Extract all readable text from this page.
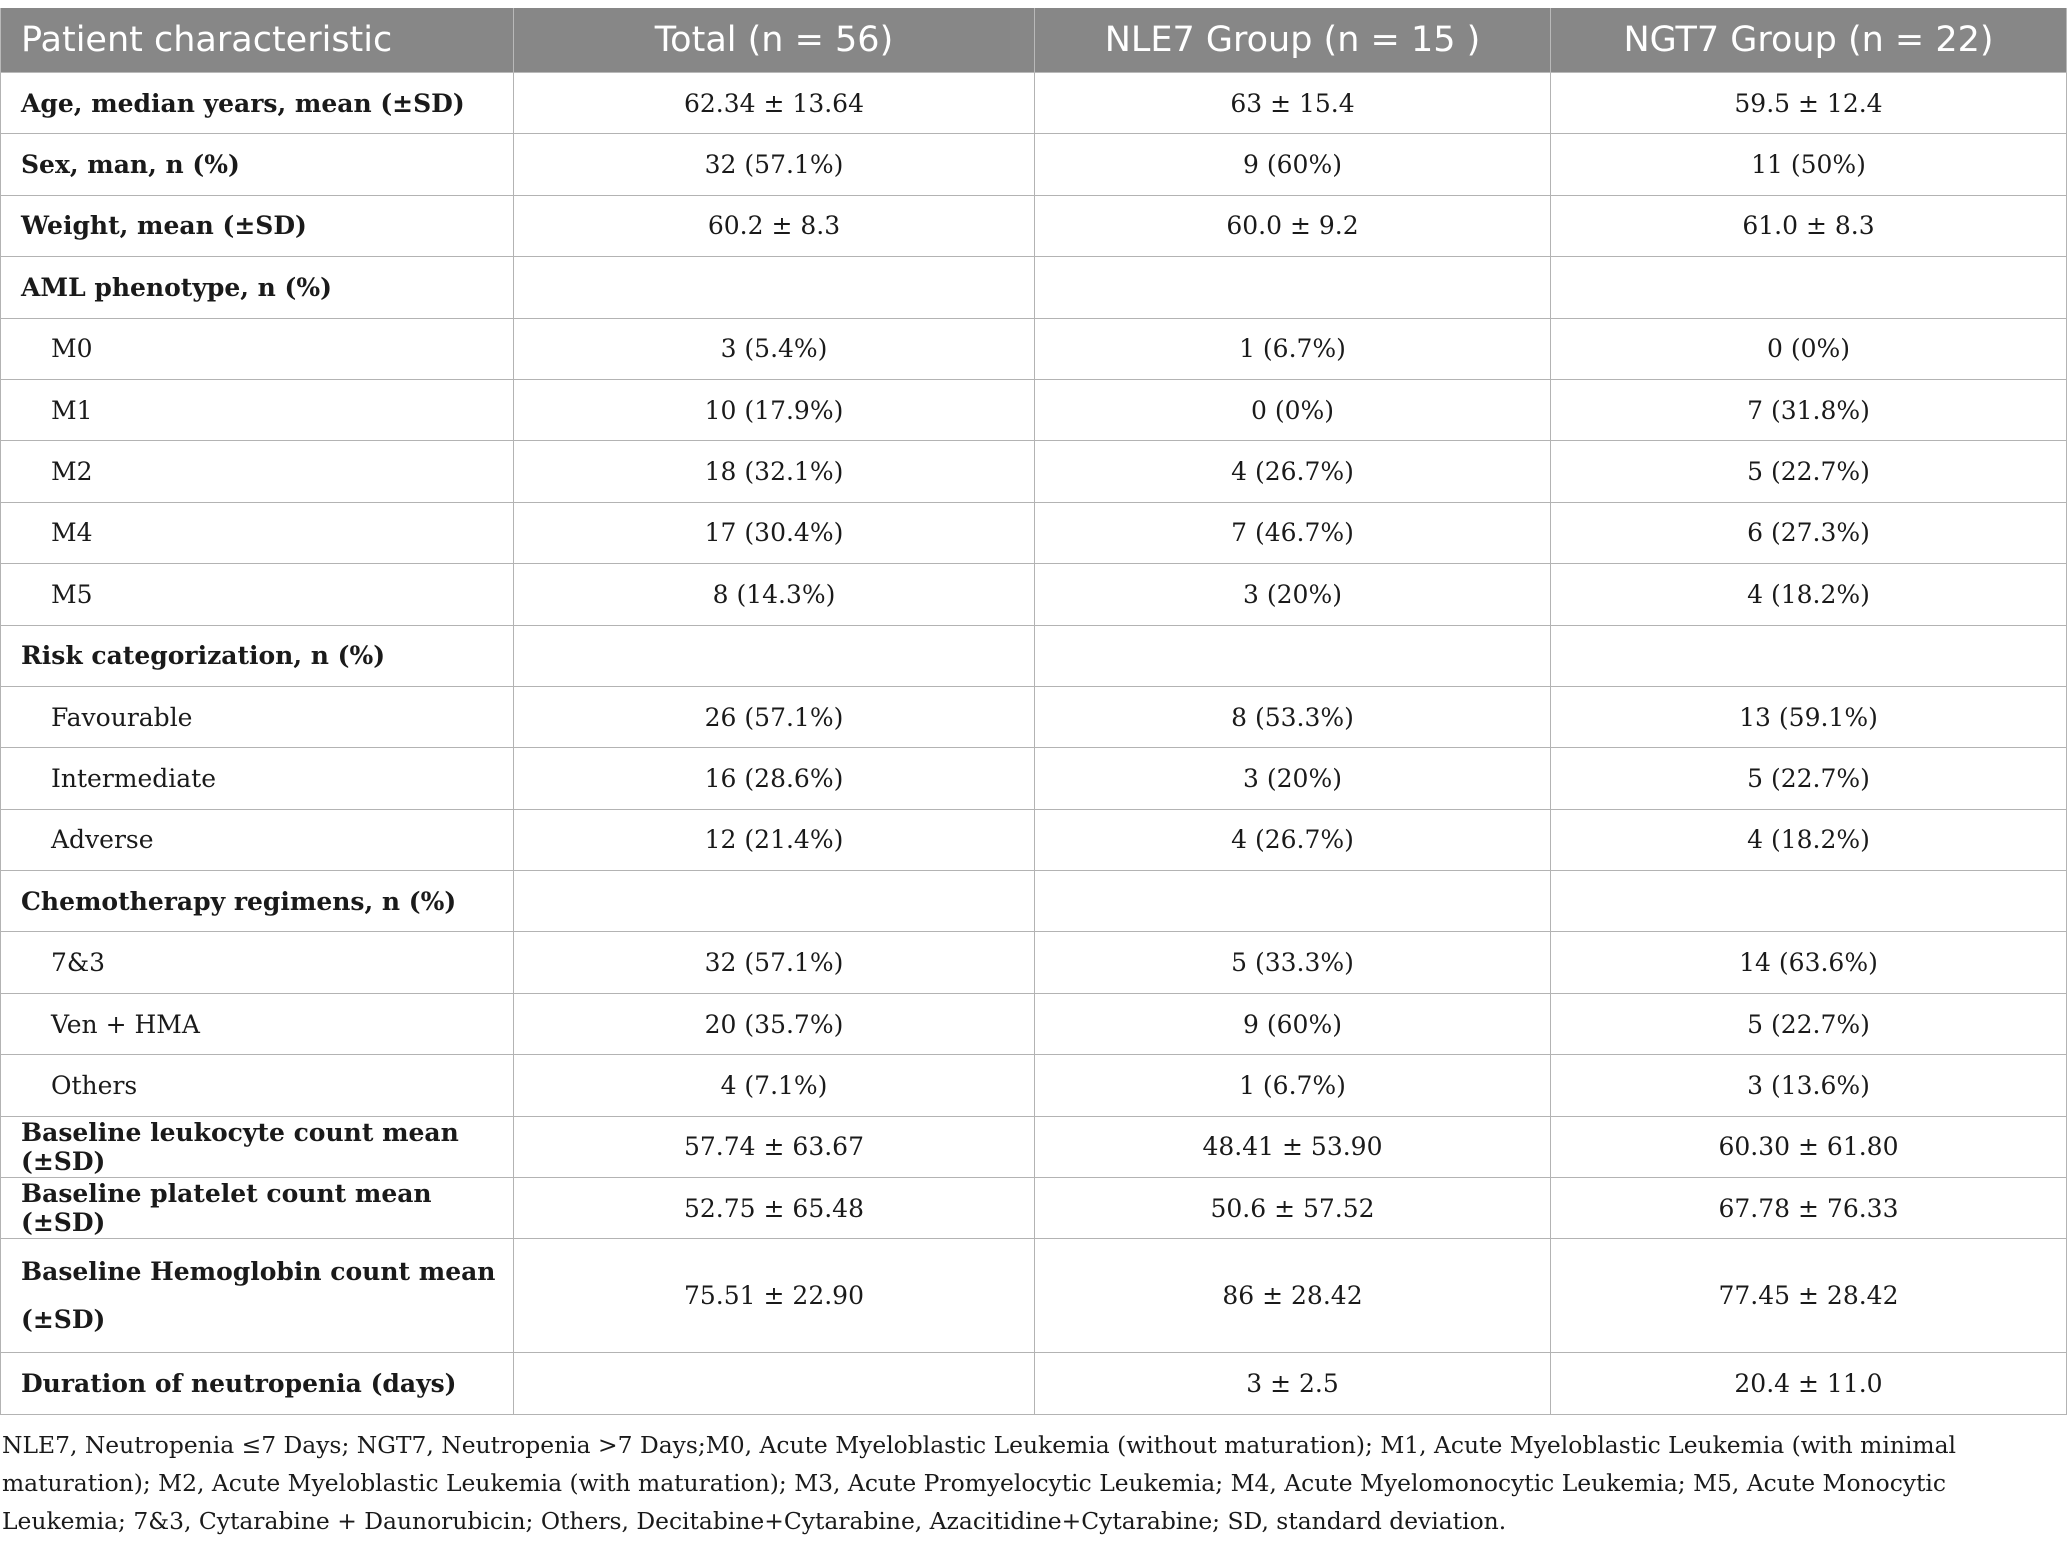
Patient characteristic	Total (n = 56)	NLE7 Group (n = 15 )	NGT7 Group (n = 22)
Age, median years, mean (±SD)	62.34 ± 13.64	63 ± 15.4	59.5 ± 12.4
Sex, man, n (%)	32 (57.1%)	9 (60%)	11 (50%)
Weight, mean (±SD)	60.2 ± 8.3	60.0 ± 9.2	61.0 ± 8.3
AML phenotype, n (%)			
M0	3 (5.4%)	1 (6.7%)	0 (0%)
M1	10 (17.9%)	0 (0%)	7 (31.8%)
M2	18 (32.1%)	4 (26.7%)	5 (22.7%)
M4	17 (30.4%)	7 (46.7%)	6 (27.3%)
M5	8 (14.3%)	3 (20%)	4 (18.2%)
Risk categorization, n (%)			
Favourable	26 (57.1%)	8 (53.3%)	13 (59.1%)
Intermediate	16 (28.6%)	3 (20%)	5 (22.7%)
Adverse	12 (21.4%)	4 (26.7%)	4 (18.2%)
Chemotherapy regimens, n (%)			
7&3	32 (57.1%)	5 (33.3%)	14 (63.6%)
Ven + HMA	20 (35.7%)	9 (60%)	5 (22.7%)
Others	4 (7.1%)	1 (6.7%)	3 (13.6%)
Baseline leukocyte count mean (±SD)	57.74 ± 63.67	48.41 ± 53.90	60.30 ± 61.80
Baseline platelet count mean (±SD)	52.75 ± 65.48	50.6 ± 57.52	67.78 ± 76.33
Baseline Hemoglobin count mean (±SD)	75.51 ± 22.90	86 ± 28.42	77.45 ± 28.42
Duration of neutropenia (days)		3 ± 2.5	20.4 ± 11.0
NLE7, Neutropenia ≤7 Days; NGT7, Neutropenia >7 Days;M0, Acute Myeloblastic Leukemia (without maturation); M1, Acute Myeloblastic Leukemia (with minimal maturation); M2, Acute Myeloblastic Leukemia (with maturation); M3, Acute Promyelocytic Leukemia; M4, Acute Myelomonocytic Leukemia; M5, Acute Monocytic Leukemia; 7&3, Cytarabine + Daunorubicin; Others, Decitabine+Cytarabine, Azacitidine+Cytarabine; SD, standard deviation.
